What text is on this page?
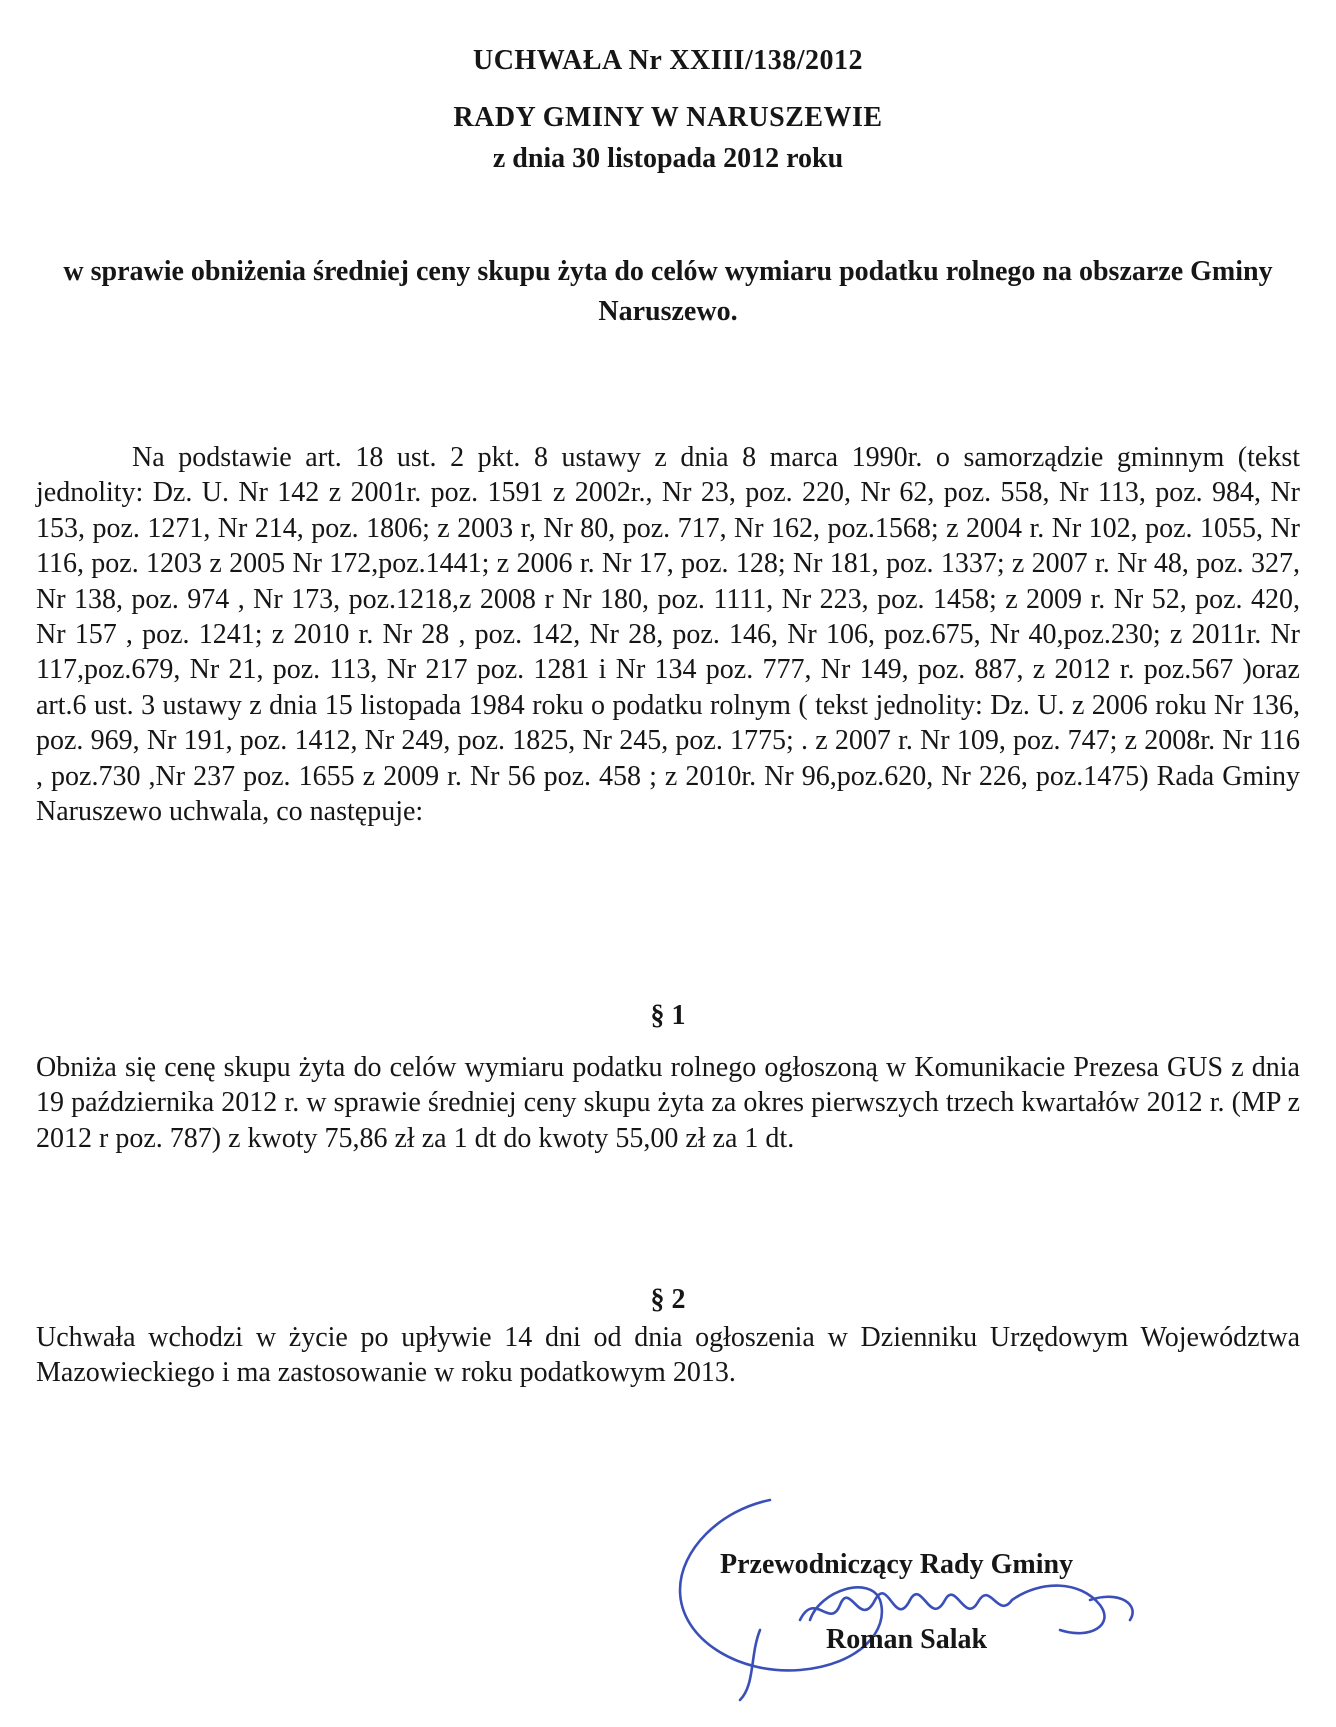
UCHWAŁA Nr XXIII/138/2012
RADY GMINY W NARUSZEWIE
z dnia 30 listopada 2012 roku

w sprawie obniżenia średniej ceny skupu żyta do celów wymiaru podatku rolnego na obszarze Gminy Naruszewo.

Na podstawie art. 18 ust. 2 pkt. 8 ustawy z dnia 8 marca 1990r. o samorządzie gminnym (tekst jednolity: Dz. U. Nr 142 z 2001r. poz. 1591 z 2002r., Nr 23, poz. 220, Nr 62, poz. 558, Nr 113, poz. 984, Nr 153, poz. 1271, Nr 214, poz. 1806; z 2003 r, Nr 80, poz. 717, Nr 162, poz.1568; z 2004 r. Nr 102, poz. 1055, Nr 116, poz. 1203 z 2005 Nr 172,poz.1441; z 2006 r. Nr 17, poz. 128; Nr 181, poz. 1337; z 2007 r. Nr 48, poz. 327, Nr 138, poz. 974 , Nr 173, poz.1218,z 2008 r Nr 180, poz. 1111, Nr 223, poz. 1458; z 2009 r. Nr 52, poz. 420, Nr 157 , poz. 1241; z 2010 r. Nr 28 , poz. 142, Nr 28, poz. 146, Nr 106, poz.675, Nr 40,poz.230; z 2011r. Nr 117,poz.679, Nr 21, poz. 113, Nr 217 poz. 1281 i Nr 134 poz. 777, Nr 149, poz. 887, z 2012 r. poz.567 )oraz art.6 ust. 3 ustawy z dnia 15 listopada 1984 roku o podatku rolnym ( tekst jednolity: Dz. U. z 2006 roku Nr 136, poz. 969, Nr 191, poz. 1412, Nr 249, poz. 1825, Nr 245, poz. 1775; . z 2007 r. Nr 109, poz. 747; z 2008r. Nr 116 , poz.730 ,Nr 237 poz. 1655 z 2009 r. Nr 56 poz. 458 ; z 2010r. Nr 96,poz.620, Nr 226, poz.1475) Rada Gminy Naruszewo uchwala, co następuje:

§ 1

Obniża się cenę skupu żyta do celów wymiaru podatku rolnego ogłoszoną w Komunikacie Prezesa GUS z dnia 19 października 2012 r. w sprawie średniej ceny skupu żyta za okres pierwszych trzech kwartałów 2012 r. (MP z 2012 r poz. 787) z kwoty 75,86 zł za 1 dt do kwoty 55,00 zł za 1 dt.

§ 2

Uchwała wchodzi w życie po upływie 14 dni od dnia ogłoszenia w Dzienniku Urzędowym Województwa Mazowieckiego i ma zastosowanie w roku podatkowym 2013.

Przewodniczący Rady Gminy

Roman Salak
